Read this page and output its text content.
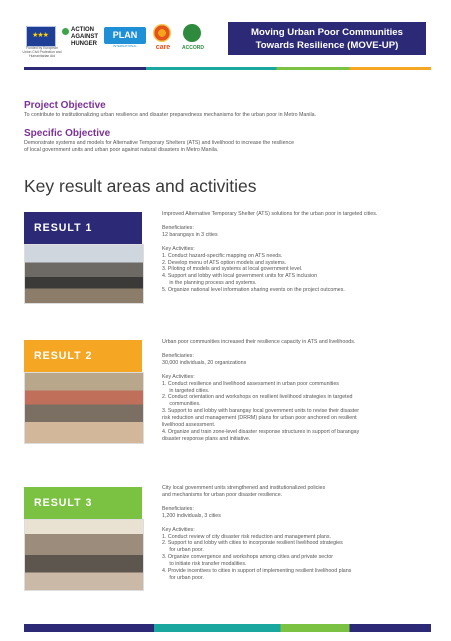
★★★
Funded by European Union Civil Protection and Humanitarian Aid
ACTION
AGAINST
HUNGER
PLAN
INTERNATIONAL	care	ACCORD
Moving Urban Poor Communities
Towards Resilience (MOVE-UP)
Project Objective
To contribute to institutionalizing urban resilience and disaster preparedness mechanisms for the urban poor in Metro Manila.
Specific Objective
Demonstrate systems and models for Alternative Temporary Shelters (ATS) and livelihood to increase the resilience
of local government units and urban poor against natural disasters in Metro Manila.
Key result areas and activities
RESULT 1

Improved Alternative Temporary Shelter (ATS) solutions for the urban poor in targeted cities.

Beneficiaries:

12 barangays in 3 cities

Key Activities:

1. Conduct hazard-specific mapping on ATS needs.

2. Develop menu of ATS option models and systems.

3. Piloting of models and systems at local government level.

4. Support and lobby with local government units for ATS inclusion

in the planning process and systems.

5. Organize national level information sharing events on the project outcomes.

RESULT 2

Urban poor communities increased their resilience capacity in ATS and livelihoods.

Beneficiaries:

30,000 individuals, 20 organizations

Key Activities:

1. Conduct resilience and livelihood assessment in urban poor communities

in targeted cities.

2. Conduct orientation and workshops on resilient livelihood strategies in targeted

communities.

3. Support to and lobby with barangay local government units to revise their disaster

risk reduction and management (DRRM) plans for urban poor anchored on resilient

livelihood assessment.

4. Organize and train zone-level disaster response structures in support of barangay

disaster response plans and initiative.

RESULT 3

City local government units strengthened and institutionalized policies

and mechanisms for urban poor disaster resilience.

Beneficiaries:

1,200 individuals, 3 cities

Key Activities:

1. Conduct review of city disaster risk reduction and management plans.

2. Support to and lobby with cities to incorporate resilient livelihood strategies

for urban poor.

3. Organize convergence and workshops among cities and private sector

to initiate risk transfer modalities.

4. Provide incentives to cities in support of implementing resilient livelihood plans

for urban poor.
